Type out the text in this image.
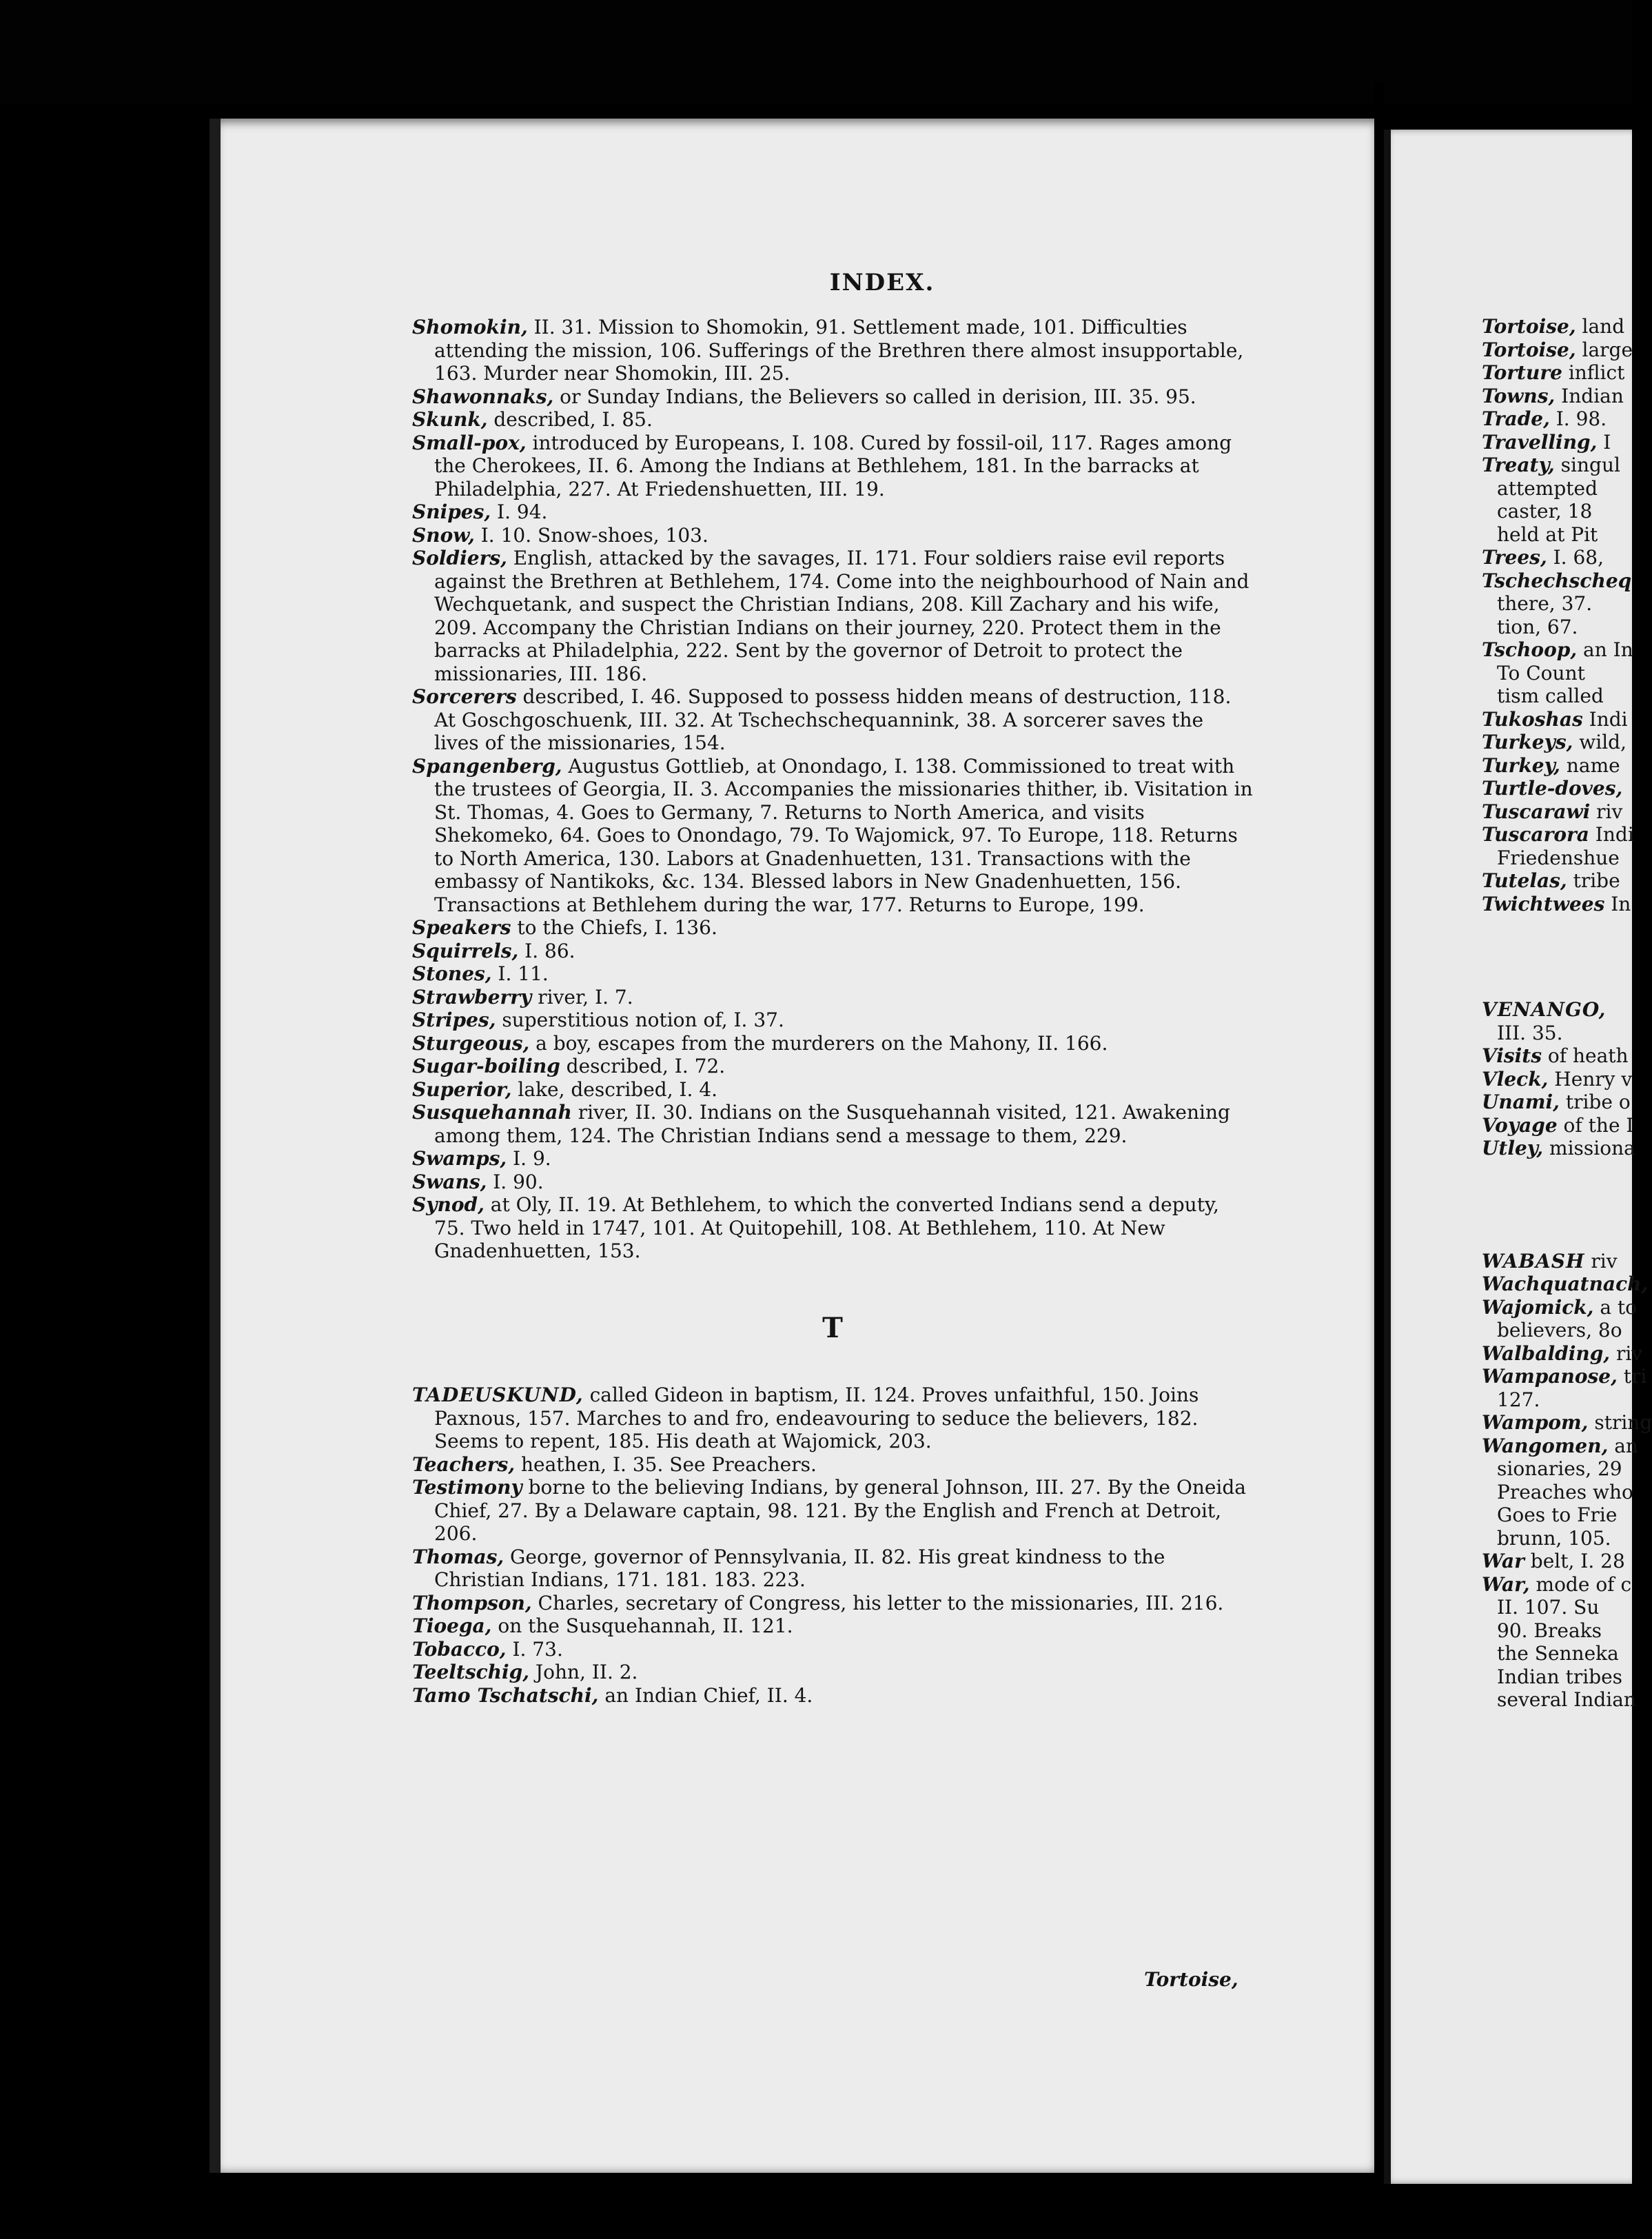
INDEX.

Shomokin, II. 31. Mission to Shomokin, 91. Settlement made, 101. Difficulties attending the mission, 106. Sufferings of the Brethren there almost insupportable, 163. Murder near Shomokin, III. 25.

Shawonnaks, or Sunday Indians, the Believers so called in derision, III. 35. 95.

Skunk, described, I. 85.

Small-pox, introduced by Europeans, I. 108. Cured by fossil-oil, 117. Rages among the Cherokees, II. 6. Among the Indians at Bethlehem, 181. In the barracks at Philadelphia, 227. At Friedenshuetten, III. 19.

Snipes, I. 94.

Snow, I. 10. Snow-shoes, 103.

Soldiers, English, attacked by the savages, II. 171. Four soldiers raise evil reports against the Brethren at Bethlehem, 174. Come into the neighbourhood of Nain and Wechquetank, and suspect the Christian Indians, 208. Kill Zachary and his wife, 209. Accompany the Christian Indians on their journey, 220. Protect them in the barracks at Philadelphia, 222. Sent by the governor of Detroit to protect the missionaries, III. 186.

Sorcerers described, I. 46. Supposed to possess hidden means of destruction, 118. At Goschgoschuenk, III. 32. At Tschechschequannink, 38. A sorcerer saves the lives of the missionaries, 154.

Spangenberg, Augustus Gottlieb, at Onondago, I. 138. Commissioned to treat with the trustees of Georgia, II. 3. Accompanies the missionaries thither, ib. Visitation in St. Thomas, 4. Goes to Germany, 7. Returns to North America, and visits Shekomeko, 64. Goes to Onondago, 79. To Wajomick, 97. To Europe, 118. Returns to North America, 130. Labors at Gnadenhuetten, 131. Transactions with the embassy of Nantikoks, &c. 134. Blessed labors in New Gnadenhuetten, 156. Transactions at Bethlehem during the war, 177. Returns to Europe, 199.

Speakers to the Chiefs, I. 136.

Squirrels, I. 86.

Stones, I. 11.

Strawberry river, I. 7.

Stripes, superstitious notion of, I. 37.

Sturgeous, a boy, escapes from the murderers on the Mahony, II. 166.

Sugar-boiling described, I. 72.

Superior, lake, described, I. 4.

Susquehannah river, II. 30. Indians on the Susquehannah visited, 121. Awakening among them, 124. The Christian Indians send a message to them, 229.

Swamps, I. 9.

Swans, I. 90.

Synod, at Oly, II. 19. At Bethlehem, to which the converted Indians send a deputy, 75. Two held in 1747, 101. At Quitopehill, 108. At Bethlehem, 110. At New Gnadenhuetten, 153.

T

TADEUSKUND, called Gideon in baptism, II. 124. Proves unfaithful, 150. Joins Paxnous, 157. Marches to and fro, endeavouring to seduce the believers, 182. Seems to repent, 185. His death at Wajomick, 203.

Teachers, heathen, I. 35. See Preachers.

Testimony borne to the believing Indians, by general Johnson, III. 27. By the Oneida Chief, 27. By a Delaware captain, 98. 121. By the English and French at Detroit, 206.

Thomas, George, governor of Pennsylvania, II. 82. His great kindness to the Christian Indians, 171. 181. 183. 223.

Thompson, Charles, secretary of Congress, his letter to the missionaries, III. 216.

Tioega, on the Susquehannah, II. 121.

Tobacco, I. 73.

Teeltschig, John, II. 2.

Tamo Tschatschi, an Indian Chief, II. 4.

Tortoise,

Tortoise, land

Tortoise, large

Torture inflict

Towns, Indian

Trade, I. 98.

Travelling, I

Treaty, singul

attempted

caster, 18

held at Pit

Trees, I. 68,

Tschechscheq

there, 37.

tion, 67.

Tschoop, an In

To Count

tism called

Tukoshas Indi

Turkeys, wild,

Turkey, name

Turtle-doves,

Tuscarawi riv

Tuscarora Indi

Friedenshue

Tutelas, tribe

Twichtwees In

VENANGO,

III. 35.

Visits of heath

Vleck, Henry v

Unami, tribe o

Voyage of the I

Utley, missiona

WABASH riv

Wachquatnach,

Wajomick, a to

believers, 8o

Walbalding, riv

Wampanose, tri

127.

Wampom, string

Wangomen, an

sionaries, 29

Preaches who

Goes to Frie

brunn, 105.

War belt, I. 28

War, mode of c

II. 107. Su

90. Breaks

the Senneka

Indian tribes

several Indian
